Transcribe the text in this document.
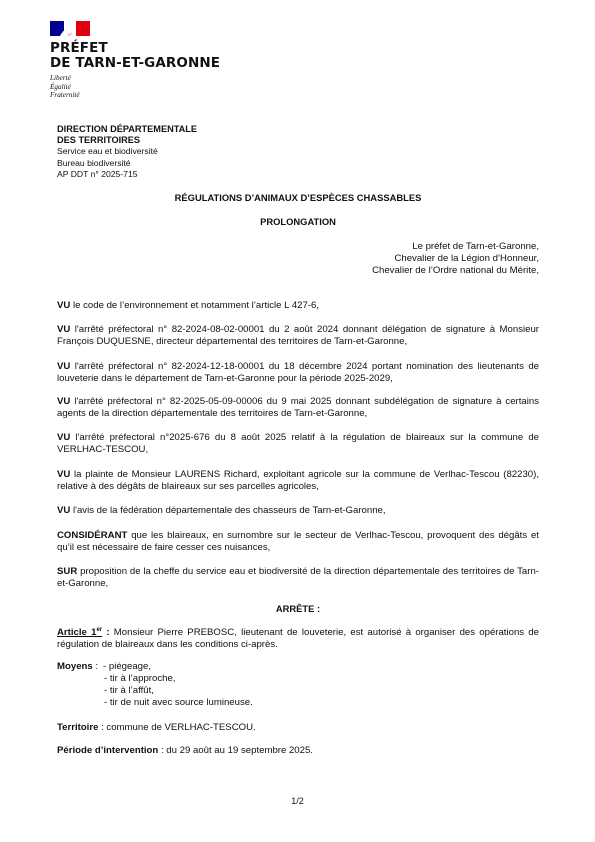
PRÉFET
DE TARN-ET-GARONNE
Liberté
Égalité
Fraternité
DIRECTION DÉPARTEMENTALE
DES TERRITOIRES
Service eau et biodiversité
Bureau biodiversité
AP DDT n° 2025-715
RÉGULATIONS D’ANIMAUX D’ESPÈCES CHASSABLES
PROLONGATION
Le préfet de Tarn-et-Garonne,
Chevalier de la Légion d’Honneur,
Chevalier de l’Ordre national du Mérite,
VU le code de l’environnement et notamment l’article L 427-6,
VU l'arrêté préfectoral n° 82-2024-08-02-00001 du 2 août 2024 donnant délégation de signature à Monsieur François DUQUESNE, directeur départemental des territoires de Tarn-et-Garonne,
VU l'arrêté préfectoral n° 82-2024-12-18-00001 du 18 décembre 2024 portant nomination des lieutenants de louveterie dans le département de Tarn-et-Garonne pour la période 2025-2029,
VU l'arrêté préfectoral n° 82-2025-05-09-00006 du 9 mai 2025 donnant subdélégation de signature à certains agents de la direction départementale des territoires de Tarn-et-Garonne,
VU l'arrêté préfectoral n°2025-676 du 8 août 2025 relatif à la régulation de blaireaux sur la commune de VERLHAC-TESCOU,
VU la plainte de Monsieur LAURENS Richard, exploitant agricole sur la commune de Verlhac-Tescou (82230), relative à des dégâts de blaireaux sur ses parcelles agricoles,
VU l'avis de la fédération départementale des chasseurs de Tarn-et-Garonne,
CONSIDÉRANT que les blaireaux, en surnombre sur le secteur de Verlhac-Tescou, provoquent des dégâts et qu’il est nécessaire de faire cesser ces nuisances,
SUR proposition de la cheffe du service eau et biodiversité de la direction départementale des territoires de Tarn-et-Garonne,
ARRÊTE :
Article 1er : Monsieur Pierre PREBOSC, lieutenant de louveterie, est autorisé à organiser des opérations de régulation de blaireaux dans les conditions ci-après.
Moyens : - piégeage,
- tir à l’approche,
- tir à l’affût,
- tir de nuit avec source lumineuse.
Territoire : commune de VERLHAC-TESCOU.
Période d’intervention : du 29 août au 19 septembre 2025.
1/2
